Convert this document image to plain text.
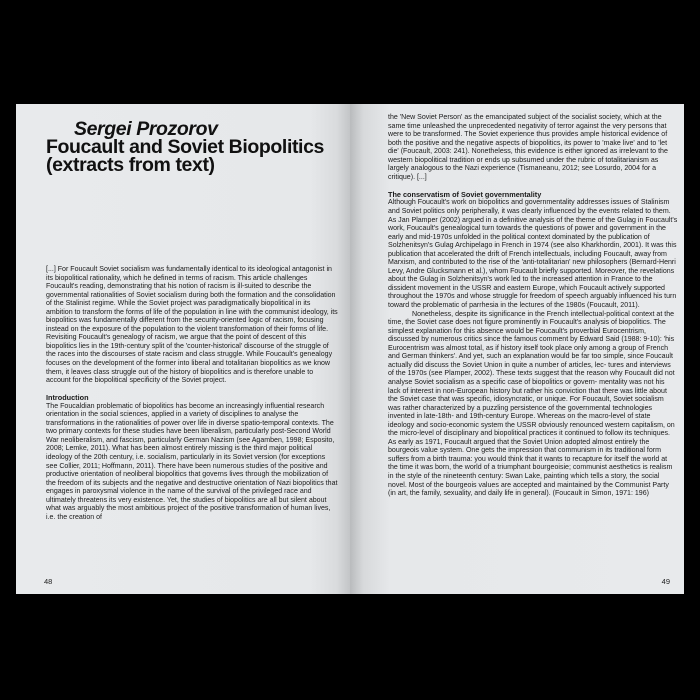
Sergei Prozorov
Foucault and Soviet Biopolitics (extracts from text)

[...] For Foucault Soviet socialism was fundamentally identical to its ideological antagonist in its biopolitical rationality, which he defined in terms of racism. This article challenges Foucault's reading, demonstrating that his notion of racism is ill-suited to describe the governmental rationalities of Soviet socialism during both the formation and the consolidation of the Stalinist regime. While the Soviet project was paradigmatically biopolitical in its ambition to transform the forms of life of the population in line with the communist ideology, its biopolitics was fundamentally different from the security-oriented logic of racism, focusing instead on the exposure of the population to the violent transformation of their forms of life. Revisiting Foucault's genealogy of racism, we argue that the point of descent of this biopolitics lies in the 19th-century split of the 'counter-historical' discourse of the struggle of the races into the discourses of state racism and class struggle. While Foucault's genealogy focuses on the development of the former into liberal and totalitarian biopolitics as we know them, it leaves class struggle out of the history of biopolitics and is therefore unable to account for the biopolitical specificity of the Soviet project.

Introduction

The Foucaldian problematic of biopolitics has become an increasingly influential research orientation in the social sciences, applied in a variety of disciplines to analyse the transformations in the rationalities of power over life in diverse spatio-temporal contexts. The two primary contexts for these studies have been liberalism, particularly post-Second World War neoliberalism, and fascism, particularly German Nazism (see Agamben, 1998; Esposito, 2008; Lemke, 2011). What has been almost entirely missing is the third major political ideology of the 20th century, i.e. socialism, particularly in its Soviet version (for exceptions see Collier, 2011; Hoffmann, 2011). There have been numerous studies of the positive and productive orientation of neoliberal biopolitics that governs lives through the mobilization of the freedom of its subjects and the negative and destructive orientation of Nazi biopolitics that engages in paroxysmal violence in the name of the survival of the privileged race and ultimately threatens its very existence. Yet, the studies of biopolitics are all but silent about what was arguably the most ambitious project of the positive transformation of human lives, i.e. the creation of

48

the 'New Soviet Person' as the emancipated subject of the socialist society, which at the same time unleashed the unprecedented negativity of terror against the very persons that were to be transformed. The Soviet experience thus provides ample historical evidence of both the positive and the negative aspects of biopolitics, its power to 'make live' and to 'let die' (Foucault, 2003: 241). Nonetheless, this evidence is either ignored as irrelevant to the western biopolitical tradition or ends up subsumed under the rubric of totalitarianism as largely analogous to the Nazi experience (Tismaneanu, 2012; see Losurdo, 2004 for a critique). [...]

The conservatism of Soviet governmentality

Although Foucault's work on biopolitics and governmentality addresses issues of Stalinism and Soviet politics only peripherally, it was clearly influenced by the events related to them. As Jan Plamper (2002) argued in a definitive analysis of the theme of the Gulag in Foucault's work, Foucault's genealogical turn towards the questions of power and government in the early and mid-1970s unfolded in the political context dominated by the publication of Solzhenitsyn's Gulag Archipelago in French in 1974 (see also Kharkhordin, 2001). It was this publication that accelerated the drift of French intellectuals, including Foucault, away from Marxism, and contributed to the rise of the 'anti-totalitarian' new philosophers (Bernard-Henri Levy, Andre Glucksmann et al.), whom Foucault briefly supported. Moreover, the revelations about the Gulag in Solzhenitsyn's work led to the increased attention in France to the dissident movement in the USSR and eastern Europe, which Foucault actively supported throughout the 1970s and whose struggle for freedom of speech arguably influenced his turn toward the problematic of parrhesia in the lectures of the 1980s (Foucault, 2011).

Nonetheless, despite its significance in the French intellectual-political context at the time, the Soviet case does not figure prominently in Foucault's analysis of biopolitics. The simplest explanation for this absence would be Foucault's proverbial Eurocentrism, discussed by numerous critics since the famous comment by Edward Said (1988: 9-10): 'his Eurocentrism was almost total, as if history itself took place only among a group of French and German thinkers'. And yet, such an explanation would be far too simple, since Foucault actually did discuss the Soviet Union in quite a number of articles, lec- tures and interviews of the 1970s (see Plamper, 2002). These texts suggest that the reason why Foucault did not analyse Soviet socialism as a specific case of biopolitics or govern- mentality was not his lack of interest in non-European history but rather his conviction that there was little about the Soviet case that was specific, idiosyncratic, or unique. For Foucault, Soviet socialism was rather characterized by a puzzling persistence of the governmental technologies invented in late-18th- and 19th-century Europe. Whereas on the macro-level of state ideology and socio-economic system the USSR obviously renounced western capitalism, on the micro-level of disciplinary and biopolitical practices it continued to follow its techniques. As early as 1971, Foucault argued that the Soviet Union adopted almost entirely the bourgeois value system. One gets the impression that communism in its traditional form suffers from a birth trauma: you would think that it wants to recapture for itself the world at the time it was born, the world of a triumphant bourgeoisie; communist aesthetics is realism in the style of the nineteenth century: Swan Lake, painting which tells a story, the social novel. Most of the bourgeois values are accepted and maintained by the Communist Party (in art, the family, sexuality, and daily life in general). (Foucault in Simon, 1971: 196)

49
